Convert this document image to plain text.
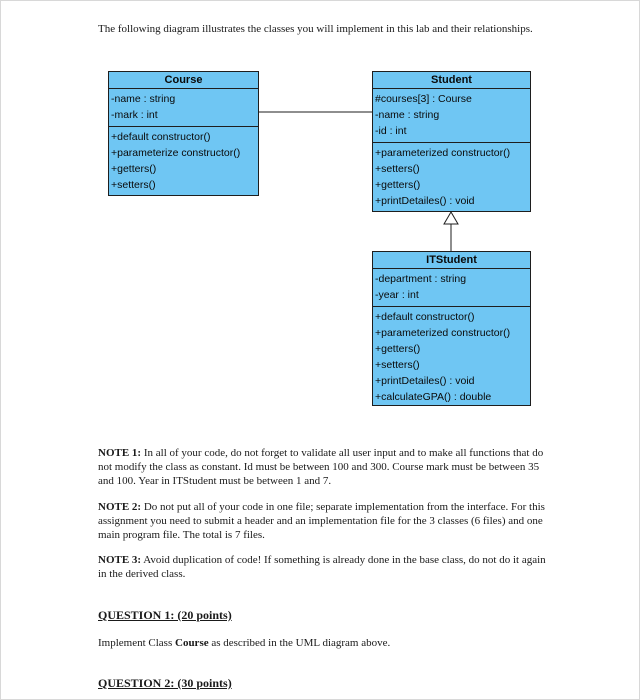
The following diagram illustrates the classes you will implement in this lab and their relationships.

Course
-name : string
-mark : int
+default constructor()
+parameterize constructor()
+getters()
+setters()
Student
#courses[3] : Course
-name : string
-id : int
+parameterized constructor()
+setters()
+getters()
+printDetailes() : void
ITStudent
-department : string
-year : int
+default constructor()
+parameterized constructor()
+getters()
+setters()
+printDetailes() : void
+calculateGPA() : double

NOTE 1: In all of your code, do not forget to validate all user input and to make all functions that do not modify the class as constant. Id must be between 100 and 300. Course mark must be between 35 and 100. Year in ITStudent must be between 1 and 7.

NOTE 2: Do not put all of your code in one file; separate implementation from the interface. For this assignment you need to submit a header and an implementation file for the 3 classes (6 files) and one main program file. The total is 7 files.

NOTE 3: Avoid duplication of code! If something is already done in the base class, do not do it again in the derived class.

QUESTION 1: (20 points)

Implement Class Course as described in the UML diagram above.

QUESTION 2: (30 points)
